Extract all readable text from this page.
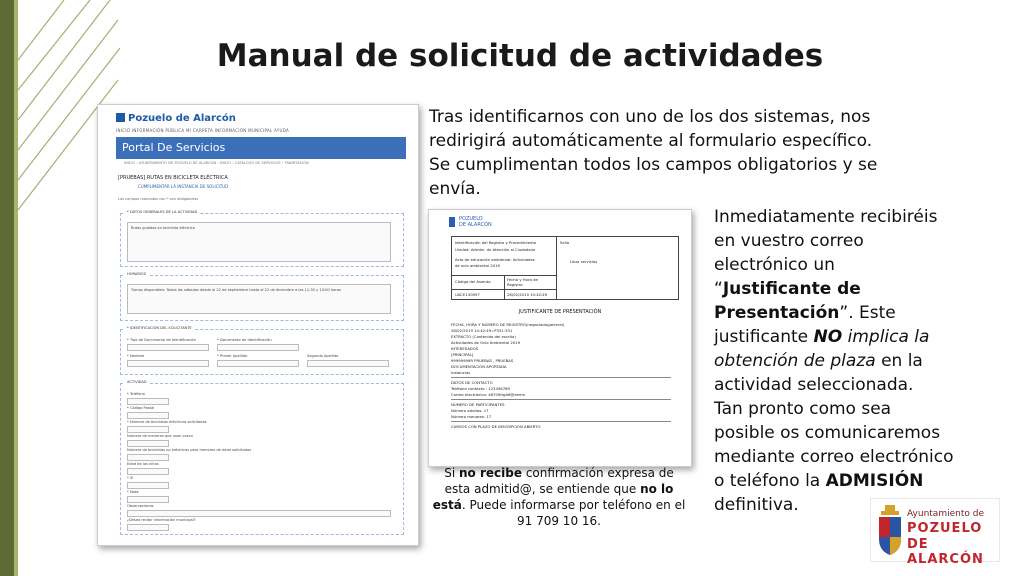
Manual de solicitud de actividades

Tras identificarnos con uno de los dos sistemas, nos

redirigirá automáticamente al formulario específico.

Se cumplimentan todos los campos obligatorios y se

envía.

Pozuelo de Alarcón
INICIO INFORMACIÓN PÚBLICA MI CARPETA INFORMACIÓN MUNICIPAL AYUDA
Portal De Servicios
INICIO › AYUNTAMIENTO DE POZUELO DE ALARCÓN › INICIO › CATÁLOGO DE SERVICIOS › TRAMITACIÓN
[PRUEBAS] RUTAS EN BICICLETA ELÉCTRICA
CUMPLIMENTAR LA INSTANCIA DE SOLICITUD
Los campos marcados con * son obligatorios
* DATOS GENERALES DE LA ACTIVIDAD
Rutas guiadas en bicicleta eléctrica
HORARIOS
Turnos disponibles: Todos los sábados desde el 22 de septiembre hasta el 22 de diciembre a las 11:30 y 13:00 horas
* IDENTIFICACIÓN DEL SOLICITANTE
* Tipo de Documento de Identificación	* Documento de Identificación
* Nombre	* Primer Apellido	Segundo Apellido
ACTIVIDAD
* Teléfono
* Código Postal
* Número de bicicletas eléctricas solicitadas
Número de menores que usan casco
Número de bicicletas no eléctricas para menores de edad solicitadas
Edad de los niños
* Sí
* Nota
Observaciones
¿Desea recibir información municipal?
POZUELO
DE ALARCÓN
Identificación del Registro y Procedimiento
Unidad: Admón. de Atención al Ciudadano
Acta de educación ambiental: Actividades
de ocio ambiental 2019
Código del Asiento	Fecha y Hora de Registro
UACE130097	28/02/2019 10:42:49
Sello
Libro servicios
JUSTIFICANTE DE PRESENTACIÓN
FECHA, HORA Y NÚMERO DE REGISTRO(negociado/general)
28/02/2019 10:42:49 nº331:331
EXTRACTO (Contenido del escrito)
Actividades de Ocio Ambiental 2019
INTERESADOS
[PRINCIPAL]
99999999R PRUEBAS , PRUEBAS
DOCUMENTACIÓN APORTADA
Instancias
DATOS DE CONTACTO
Teléfono contacto : 123456789
Correo electrónico: 46709frgh6@eeme
NÚMERO DE PARTICIPANTES
Número adultos: 17
Número menores: 17
CURSOS CON PLAZO DE INSCRIPCIÓN ABIERTO
Si no recibe confirmación expresa de esta admitid@, se entiende que no lo está. Puede informarse por teléfono en el 91 709 10 16.

Inmediatamente recibiréis

en vuestro correo

electrónico un

“Justificante de

Presentación”. Este

justificante NO implica la

obtención de plaza en la

actividad seleccionada.

Tan pronto como sea

posible os comunicaremos

mediante correo electrónico

o teléfono la ADMISIÓN

definitiva.	Ayuntamiento de
POZUELO
DE ALARCÓN
